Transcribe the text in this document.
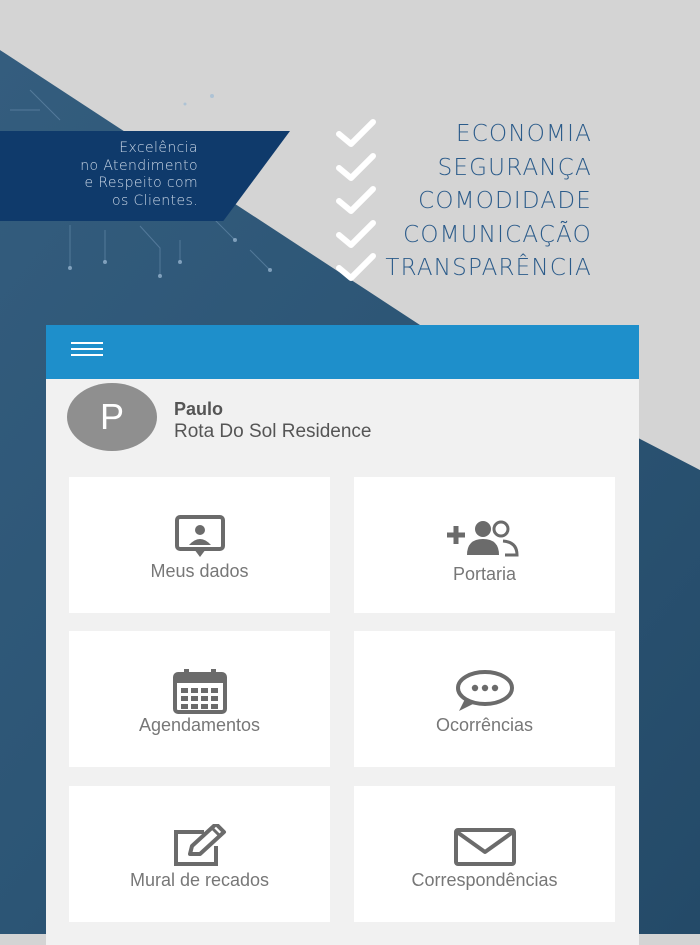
Excelência
no Atendimento
e Respeito com
os Clientes.
ECONOMIA
SEGURANÇA
COMODIDADE
COMUNICAÇÃO
TRANSPARÊNCIA
P	Paulo
Rota Do Sol Residence
Meus dados	Portaria
Agendamentos	Ocorrências
Mural de recados	Correspondências
